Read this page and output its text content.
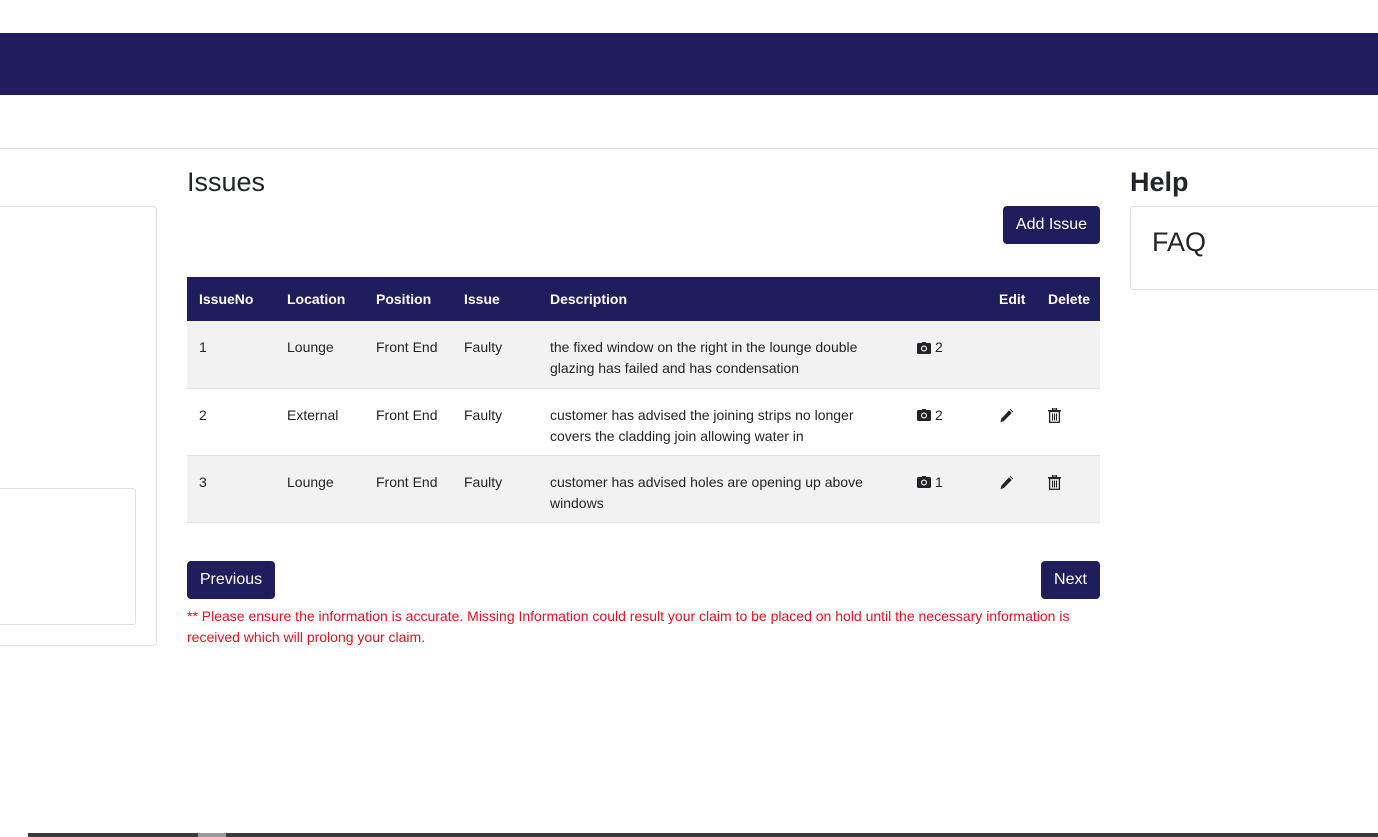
Issues
Add Issue
IssueNo	Location	Position	Issue	Description		Edit	Delete
1	Lounge	Front End	Faulty	the fixed window on the right in the lounge double glazing has failed and has condensation	2		

2	External	Front End	Faulty	customer has advised the joining strips no longer covers the cladding join allowing water in	2

3	Lounge	Front End	Faulty	customer has advised holes are opening up above windows	1

Previous	Next

** Please ensure the information is accurate. Missing Information could result your claim to be placed on hold until the necessary information is received which will prolong your claim.

Help
FAQ
